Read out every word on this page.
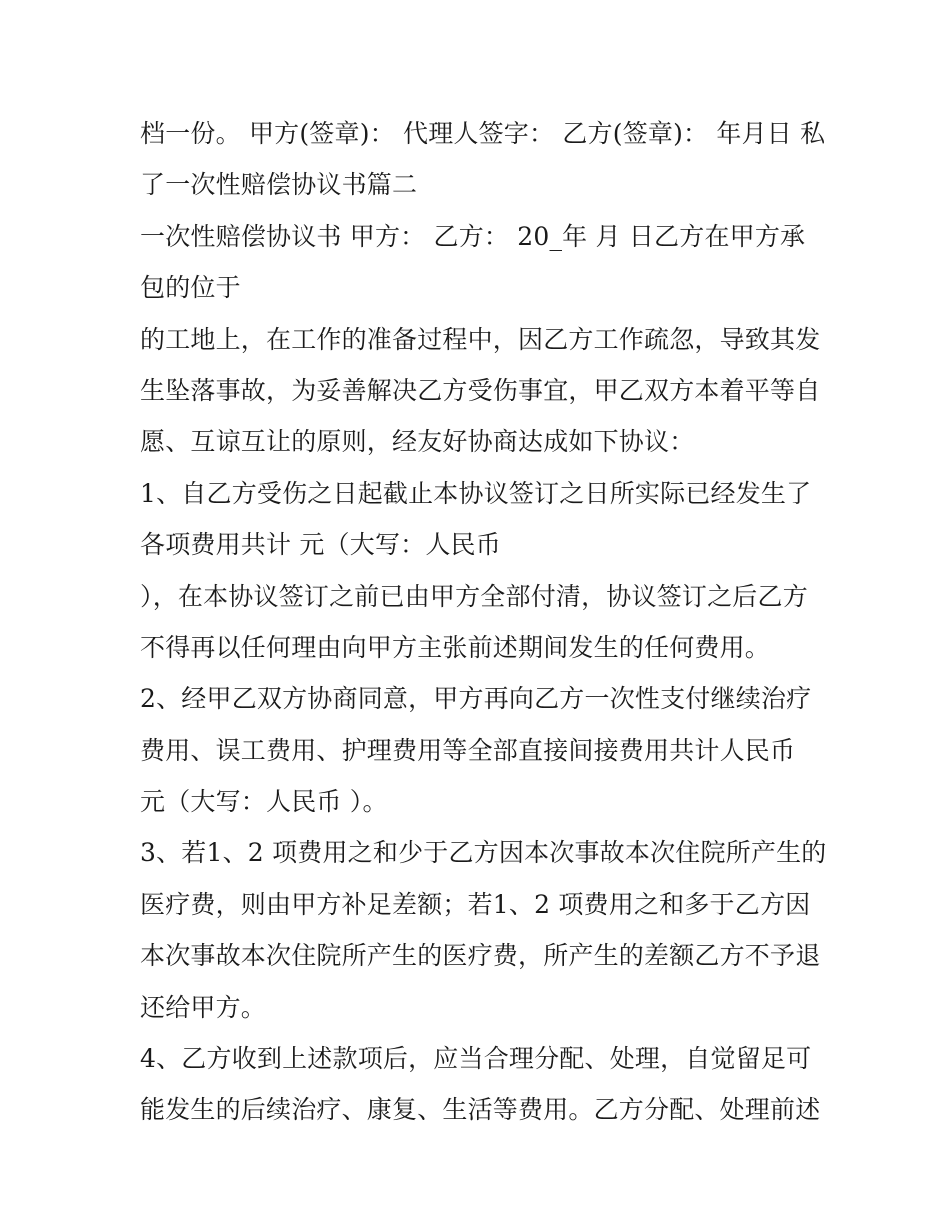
档一份。 甲方(签章)： 代理人签字： 乙方(签章)： 年月日 私
了一次性赔偿协议书篇二
一次性赔偿协议书 甲方： 乙方： 20_年 月 日乙方在甲方承
包的位于
的工地上，在工作的准备过程中，因乙方工作疏忽，导致其发
生坠落事故，为妥善解决乙方受伤事宜，甲乙双方本着平等自
愿、互谅互让的原则，经友好协商达成如下协议：
1、自乙方受伤之日起截止本协议签订之日所实际已经发生了
各项费用共计 元（大写：人民币
），在本协议签订之前已由甲方全部付清，协议签订之后乙方
不得再以任何理由向甲方主张前述期间发生的任何费用。
2、经甲乙双方协商同意，甲方再向乙方一次性支付继续治疗
费用、误工费用、护理费用等全部直接间接费用共计人民币
元（大写：人民币 ）。
3、若1、2 项费用之和少于乙方因本次事故本次住院所产生的
医疗费，则由甲方补足差额；若1、2 项费用之和多于乙方因
本次事故本次住院所产生的医疗费，所产生的差额乙方不予退
还给甲方。
4、乙方收到上述款项后，应当合理分配、处理，自觉留足可
能发生的后续治疗、康复、生活等费用。乙方分配、处理前述
